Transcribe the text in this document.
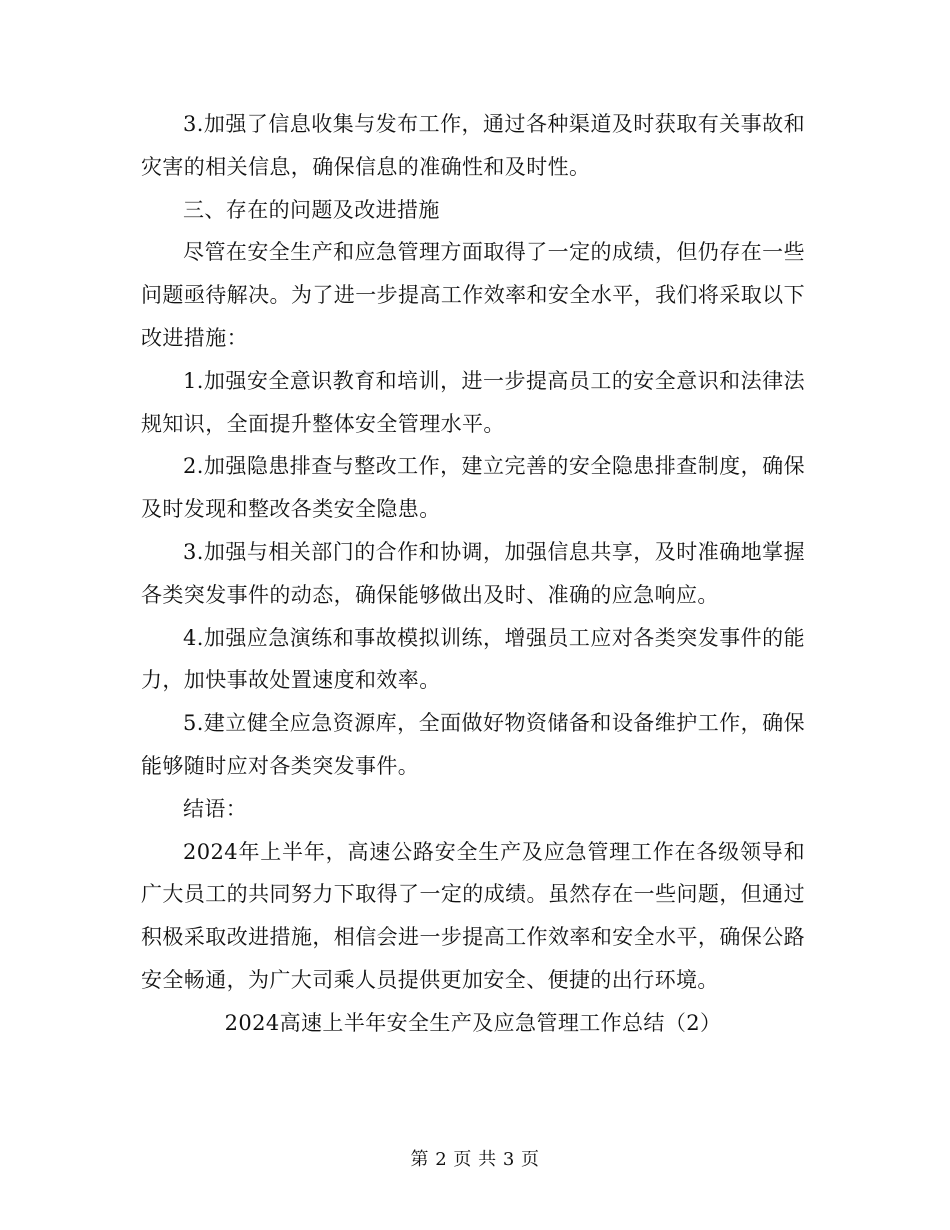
3.加强了信息收集与发布工作，通过各种渠道及时获取有关事故和灾害的相关信息，确保信息的准确性和及时性。

三、存在的问题及改进措施

尽管在安全生产和应急管理方面取得了一定的成绩，但仍存在一些问题亟待解决。为了进一步提高工作效率和安全水平，我们将采取以下改进措施：

1.加强安全意识教育和培训，进一步提高员工的安全意识和法律法规知识，全面提升整体安全管理水平。

2.加强隐患排查与整改工作，建立完善的安全隐患排查制度，确保及时发现和整改各类安全隐患。

3.加强与相关部门的合作和协调，加强信息共享，及时准确地掌握各类突发事件的动态，确保能够做出及时、准确的应急响应。

4.加强应急演练和事故模拟训练，增强员工应对各类突发事件的能力，加快事故处置速度和效率。

5.建立健全应急资源库，全面做好物资储备和设备维护工作，确保能够随时应对各类突发事件。

结语：

2024年上半年，高速公路安全生产及应急管理工作在各级领导和广大员工的共同努力下取得了一定的成绩。虽然存在一些问题，但通过积极采取改进措施，相信会进一步提高工作效率和安全水平，确保公路安全畅通，为广大司乘人员提供更加安全、便捷的出行环境。

2024高速上半年安全生产及应急管理工作总结（2）

第 2 页 共 3 页
